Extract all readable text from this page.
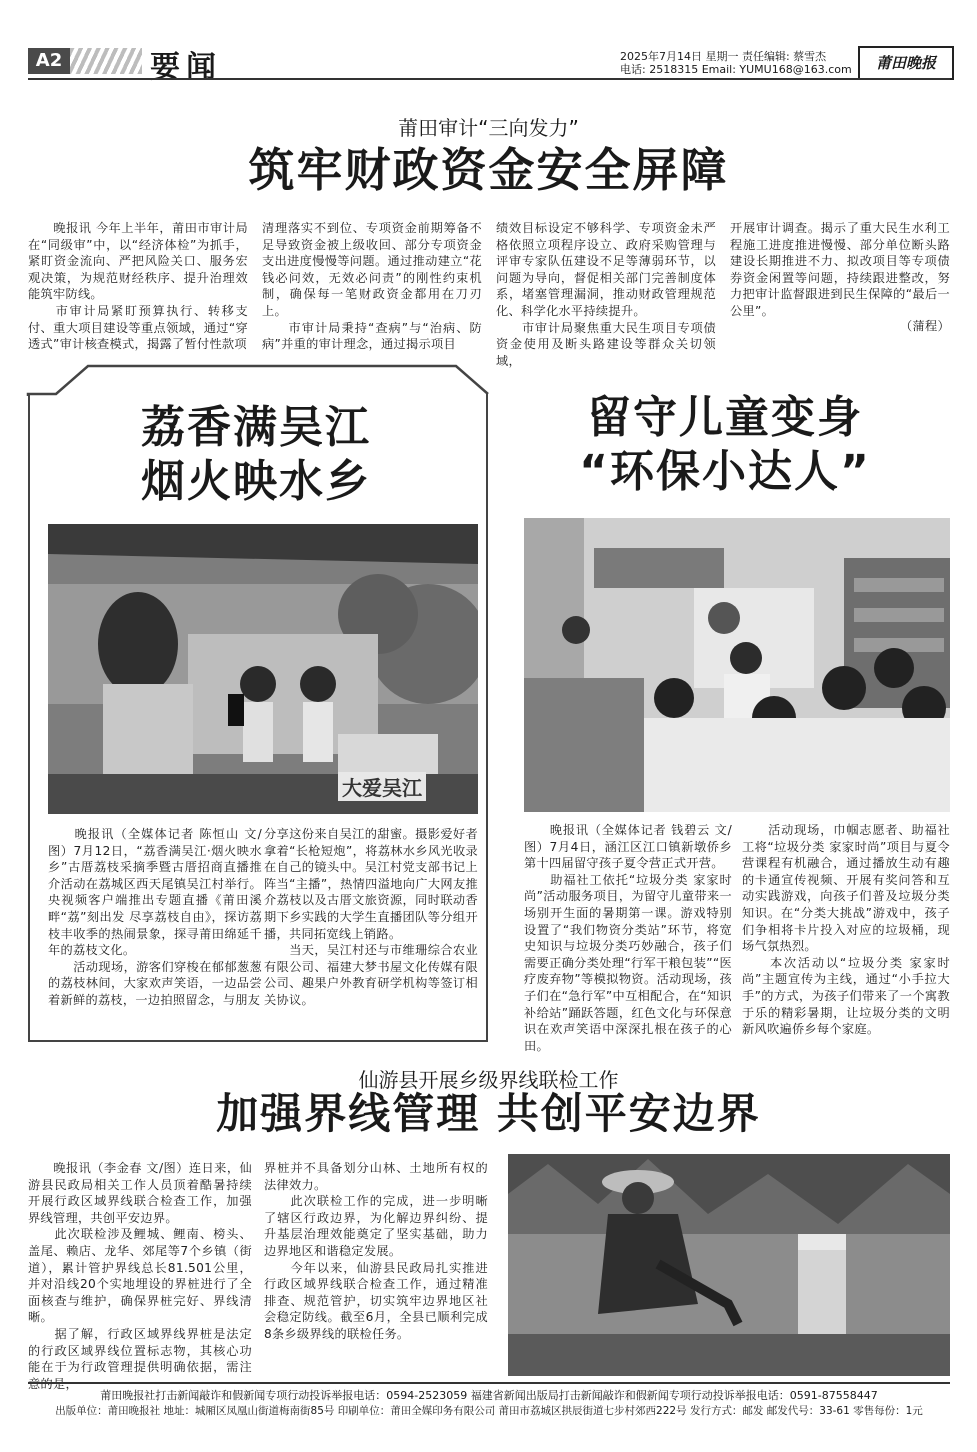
A2	要闻	2025年7月14日 星期一 责任编辑: 蔡雪杰
电话: 2518315 Email: YUMU168@163.com	莆田晚报
莆田审计“三向发力”
筑牢财政资金安全屏障
　　晚报讯 今年上半年，莆田市审计局在“同级审”中，以“经济体检”为抓手，紧盯资金流向、严把风险关口、服务宏观决策，为规范财经秩序、提升治理效能筑牢防线。
　　市审计局紧盯预算执行、转移支付、重大项目建设等重点领域，通过“穿透式”审计核查模式，揭露了暂付性款项
清理落实不到位、专项资金前期筹备不足导致资金被上级收回、部分专项资金支出进度慢慢等问题。通过推动建立“花钱必问效，无效必问责”的刚性约束机制，确保每一笔财政资金都用在刀刃上。
　　市审计局秉持“查病”与“治病、防病”并重的审计理念，通过揭示项目
绩效目标设定不够科学、专项资金未严格依照立项程序设立、政府采购管理与评审专家队伍建设不足等薄弱环节，以问题为导向，督促相关部门完善制度体系，堵塞管理漏洞，推动财政管理规范化、科学化水平持续提升。
　　市审计局聚焦重大民生项目专项债资金使用及断头路建设等群众关切领域，
开展审计调查。揭示了重大民生水利工程施工进度推进慢慢、部分单位断头路建设长期推进不力、拟改项目等专项债券资金闲置等问题，持续跟进整改，努力把审计监督跟进到民生保障的“最后一公里”。
（蒲程）
荔香满吴江
烟火映水乡
大爱吴江
　　晚报讯（全媒体记者 陈恒山 文/图）7月12日，“荔香满吴江·烟火映水乡”古厝荔枝采摘季暨古厝招商直播推介活动在荔城区西天尾镇吴江村举行。央视频客户端推出专题直播《莆田溪畔“荔”刻出发 尽享荔枝自由》，探访荔枝丰收季的热闹景象，探寻莆田绵延千年的荔枝文化。
　　活动现场，游客们穿梭在郁郁葱葱的荔枝林间，大家欢声笑语，一边品尝着新鲜的荔枝，一边拍照留念，与朋友
分享这份来自吴江的甜蜜。摄影爱好者拿着“长枪短炮”，将荔林水乡风光收录在自己的镜头中。吴江村党支部书记上阵当“主播”，热情四溢地向广大网友推介荔枝以及古厝文旅资源，同时联动香期下乡实践的大学生直播团队等分组开播，共同拓宽线上销路。
　　当天，吴江村还与市维珊综合农业有限公司、福建大梦书屋文化传媒有限公司、趣果户外教育研学机构等签订相关协议。
留守儿童变身
“环保小达人”
　　晚报讯（全媒体记者 钱碧云 文/图）7月4日，涵江区江口镇新墩侨乡第十四届留守孩子夏令营正式开营。
　　助福社工依托“垃圾分类 家家时尚”活动服务项目，为留守儿童带来一场别开生面的暑期第一课。游戏特别设置了“我们物资分类站”环节，将宽史知识与垃圾分类巧妙融合，孩子们需要正确分类处理“行军干粮包装”“医疗废弃物”等模拟物资。活动现场，孩子们在“急行军”中互相配合，在“知识补给站”踊跃答题，红色文化与环保意识在欢声笑语中深深扎根在孩子的心田。
　　活动现场，巾帼志愿者、助福社工将“垃圾分类 家家时尚”项目与夏令营课程有机融合，通过播放生动有趣的卡通宣传视频、开展有奖问答和互动实践游戏，向孩子们普及垃圾分类知识。在“分类大挑战”游戏中，孩子们争相将卡片投入对应的垃圾桶，现场气氛热烈。
　　本次活动以“垃圾分类 家家时尚”主题宣传为主线，通过“小手拉大手”的方式，为孩子们带来了一个寓教于乐的精彩暑期，让垃圾分类的文明新风吹遍侨乡每个家庭。
仙游县开展乡级界线联检工作
加强界线管理 共创平安边界
　　晚报讯（李金春 文/图）连日来，仙游县民政局相关工作人员顶着酷暑持续开展行政区域界线联合检查工作，加强界线管理，共创平安边界。
　　此次联检涉及鲤城、鲤南、榜头、盖尾、赖店、龙华、郊尾等7个乡镇（街道），累计管护界线总长81.501公里，并对沿线20个实地埋设的界桩进行了全面核查与维护，确保界桩完好、界线清晰。
　　据了解，行政区域界线界桩是法定的行政区域界线位置标志物，其核心功能在于为行政管理提供明确依据，需注意的是，
界桩并不具备划分山林、土地所有权的法律效力。
　　此次联检工作的完成，进一步明晰了辖区行政边界，为化解边界纠纷、提升基层治理效能奠定了坚实基础，助力边界地区和谐稳定发展。
　　今年以来，仙游县民政局扎实推进行政区域界线联合检查工作，通过精准排查、规范管护，切实筑牢边界地区社会稳定防线。截至6月，全县已顺利完成8条乡级界线的联检任务。
莆田晚报社打击新闻敲诈和假新闻专项行动投诉举报电话：0594-2523059 福建省新闻出版局打击新闻敲诈和假新闻专项行动投诉举报电话：0591-87558447
出版单位：莆田晚报社 地址：城厢区凤凰山街道梅南街85号 印刷单位：莆田全媒印务有限公司 莆田市荔城区拱辰街道七步村郊西222号 发行方式：邮发 邮发代号：33-61 零售每份：1元
